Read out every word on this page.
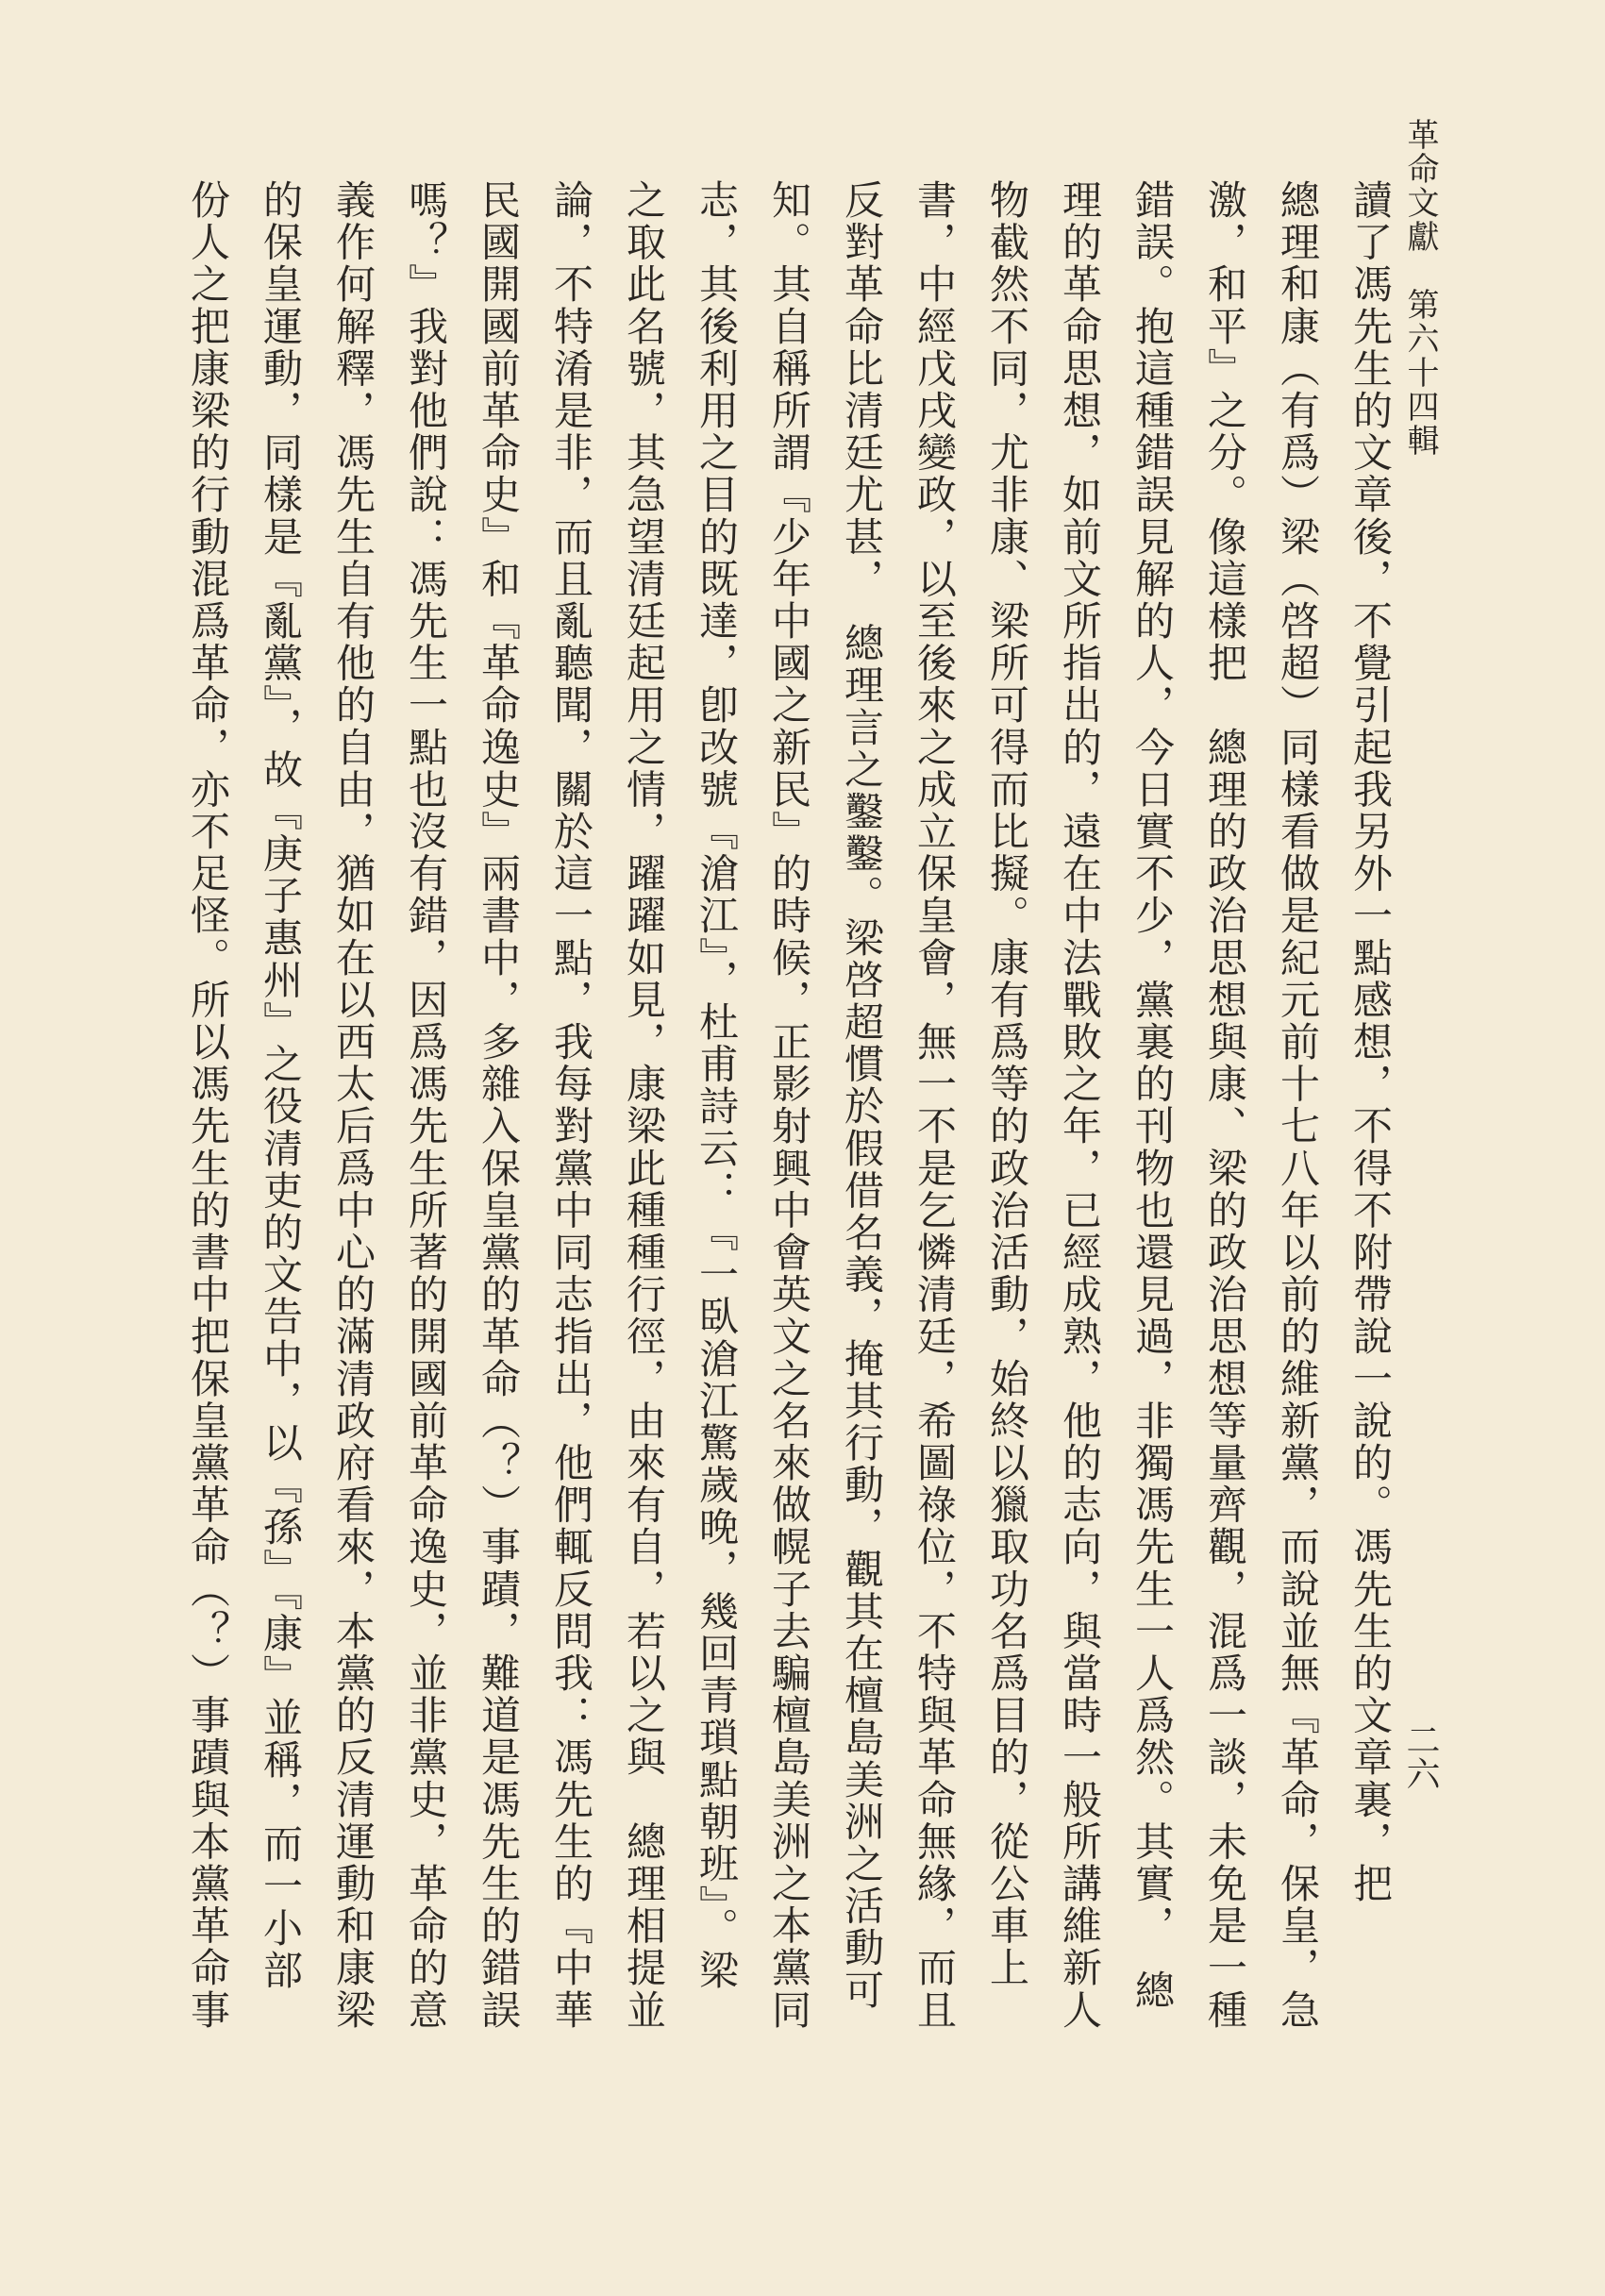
革命文獻　第六十四輯
二六
讀了馮先生的文章後，不覺引起我另外一點感想，不得不附帶說一說的。馮先生的文章裏，把
總理和康（有爲）梁（啓超）同樣看做是紀元前十七八年以前的維新黨，而說並無『革命，保皇，急
激，和平』之分。像這樣把　總理的政治思想與康、梁的政治思想等量齊觀，混爲一談，未免是一種
錯誤。抱這種錯誤見解的人，今日實不少，黨裏的刊物也還見過，非獨馮先生一人爲然。其實，　總
理的革命思想，如前文所指出的，遠在中法戰敗之年，已經成熟，他的志向，與當時一般所講維新人
物截然不同，尤非康、梁所可得而比擬。康有爲等的政治活動，始終以獵取功名爲目的，從公車上
書，中經戊戌變政，以至後來之成立保皇會，無一不是乞憐清廷，希圖祿位，不特與革命無緣，而且
反對革命比清廷尤甚，　總理言之鑿鑿。梁啓超慣於假借名義，掩其行動，觀其在檀島美洲之活動可
知。其自稱所謂『少年中國之新民』的時候，正影射興中會英文之名來做幌子去騙檀島美洲之本黨同
志，其後利用之目的既達，卽改號『滄江』，杜甫詩云：『一臥滄江驚歲晚，幾回青瑣點朝班』。梁
之取此名號，其急望清廷起用之情，躍躍如見，康梁此種種行徑，由來有自，若以之與　總理相提並
論，不特淆是非，而且亂聽聞，關於這一點，我每對黨中同志指出，他們輒反問我：馮先生的『中華
民國開國前革命史』和『革命逸史』兩書中，多雜入保皇黨的革命（？）事蹟，難道是馮先生的錯誤
嗎？』我對他們說：馮先生一點也沒有錯，因爲馮先生所著的開國前革命逸史，並非黨史，革命的意
義作何解釋，馮先生自有他的自由，猶如在以西太后爲中心的滿清政府看來，本黨的反清運動和康梁
的保皇運動，同樣是『亂黨』，故『庚子惠州』之役清吏的文告中，以『孫』『康』並稱，而一小部
份人之把康梁的行動混爲革命，亦不足怪。所以馮先生的書中把保皇黨革命（？）事蹟與本黨革命事
